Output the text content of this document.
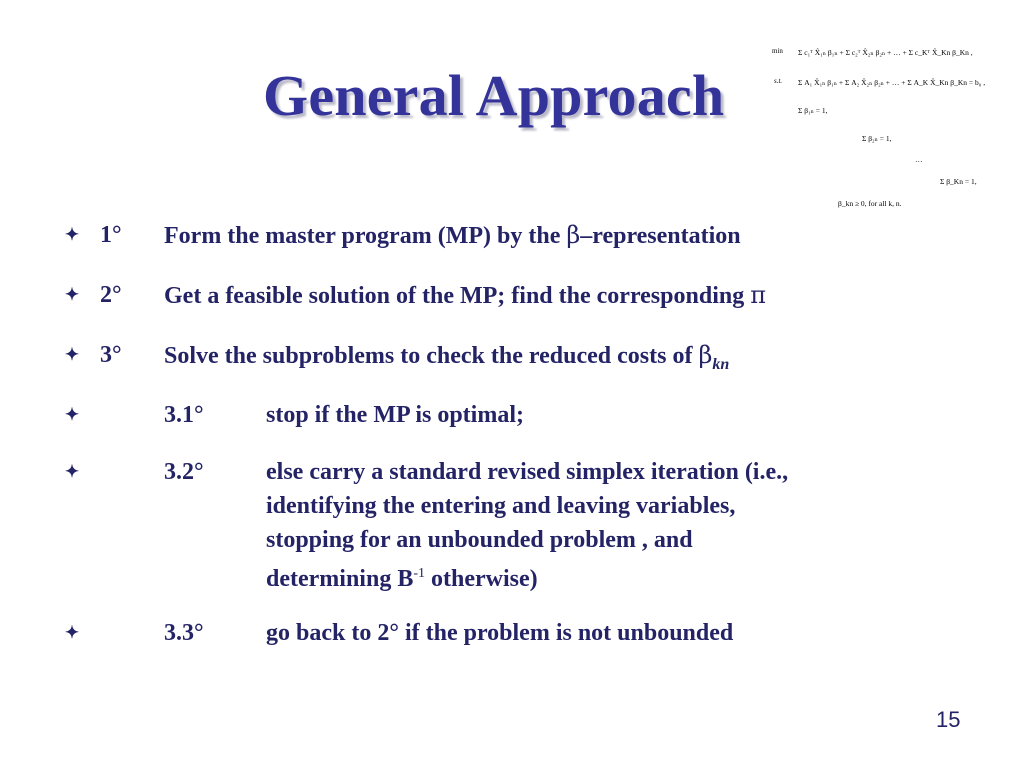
General Approach
min Σ c₁ᵀ X̂₁ₙ β₁ₙ + Σ c₂ᵀ X̂₂ₙ β₂ₙ + … + Σ c_Kᵀ X̂_Kn β_Kn ,
s.t. Σ A₁ X̂₁ₙ β₁ₙ + Σ A₂ X̂₂ₙ β₂ₙ + … + Σ A_K X̂_Kn β_Kn = b₀ ,
Σ β₁ₙ = 1,
Σ β₂ₙ = 1,
…
Σ β_Kn = 1,
β_kn ≥ 0, for all k, n.
✦ 1° Form the master program (MP) by the β–representation
✦ 2° Get a feasible solution of the MP; find the corresponding π
✦ 3° Solve the subproblems to check the reduced costs of $\beta_{kn}$
✦	3.1°	stop if the MP is optimal;
✦	3.2°	else carry a standard revised simplex iteration (i.e.,
identifying the entering and leaving variables,
stopping for an unbounded problem , and
determining $B^{-1}$ otherwise)
✦	3.3°	go back to 2° if the problem is not unbounded
15
